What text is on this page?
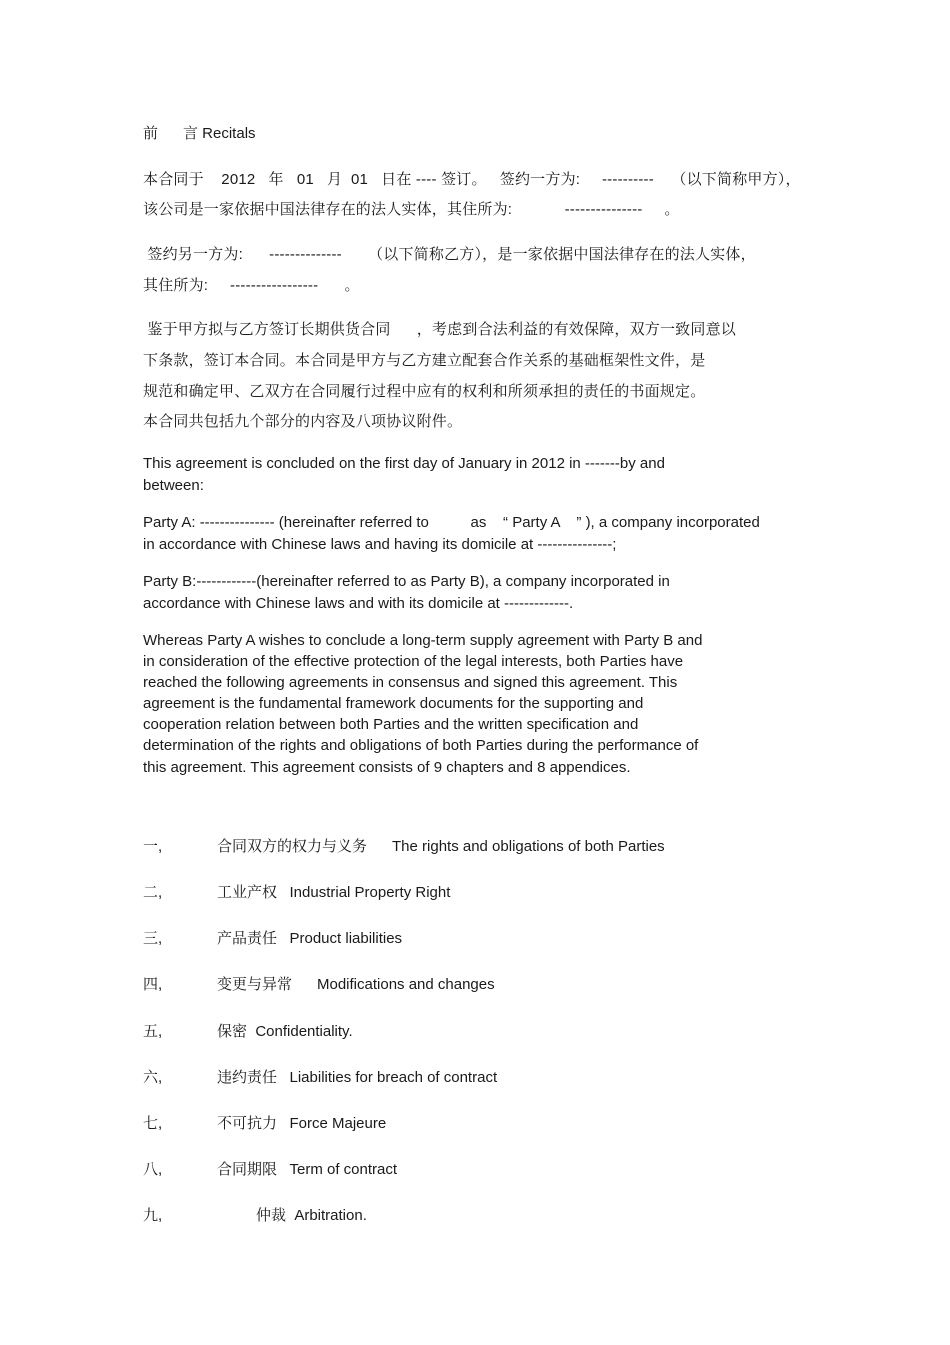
前      言 Recitals
本合同于    2012   年   01   月  01   日在 ---- 签订。   签约一方为:     ----------    （以下简称甲方），
该公司是一家依据中国法律存在的法人实体，其住所为:            ---------------     。
签约另一方为:      --------------      （以下简称乙方），是一家依据中国法律存在的法人实体，
其住所为:     -----------------      。
鉴于甲方拟与乙方签订长期供货合同      ，考虑到合法利益的有效保障，双方一致同意以
下条款，签订本合同。本合同是甲方与乙方建立配套合作关系的基础框架性文件，是
规范和确定甲、乙双方在合同履行过程中应有的权利和所须承担的责任的书面规定。
本合同共包括九个部分的内容及八项协议附件。
This agreement is concluded on the first day of January in 2012 in -------by and
between:
Party A: --------------- (hereinafter referred to          as    “ Party A    ” ), a company incorporated
in accordance with Chinese laws and having its domicile at ---------------;
Party B:------------(hereinafter referred to as Party B), a company incorporated in
accordance with Chinese laws and with its domicile at -------------.
Whereas Party A wishes to conclude a long-term supply agreement with Party B and
in consideration of the effective protection of the legal interests, both Parties have
reached the following agreements in consensus and signed this agreement. This
agreement is the fundamental framework documents for the supporting and
cooperation relation between both Parties and the written specification and
determination of the rights and obligations of both Parties during the performance of
this agreement. This agreement consists of 9 chapters and 8 appendices.
一,	合同双方的权力与义务      The rights and obligations of both Parties
二,	工业产权   Industrial Property Right
三,	产品责任   Product liabilities
四,	变更与异常      Modifications and changes
五,	保密  Confidentiality.
六,	违约责任   Liabilities for breach of contract
七,	不可抗力   Force Majeure
八,	合同期限   Term of contract
九,	仲裁  Arbitration.
